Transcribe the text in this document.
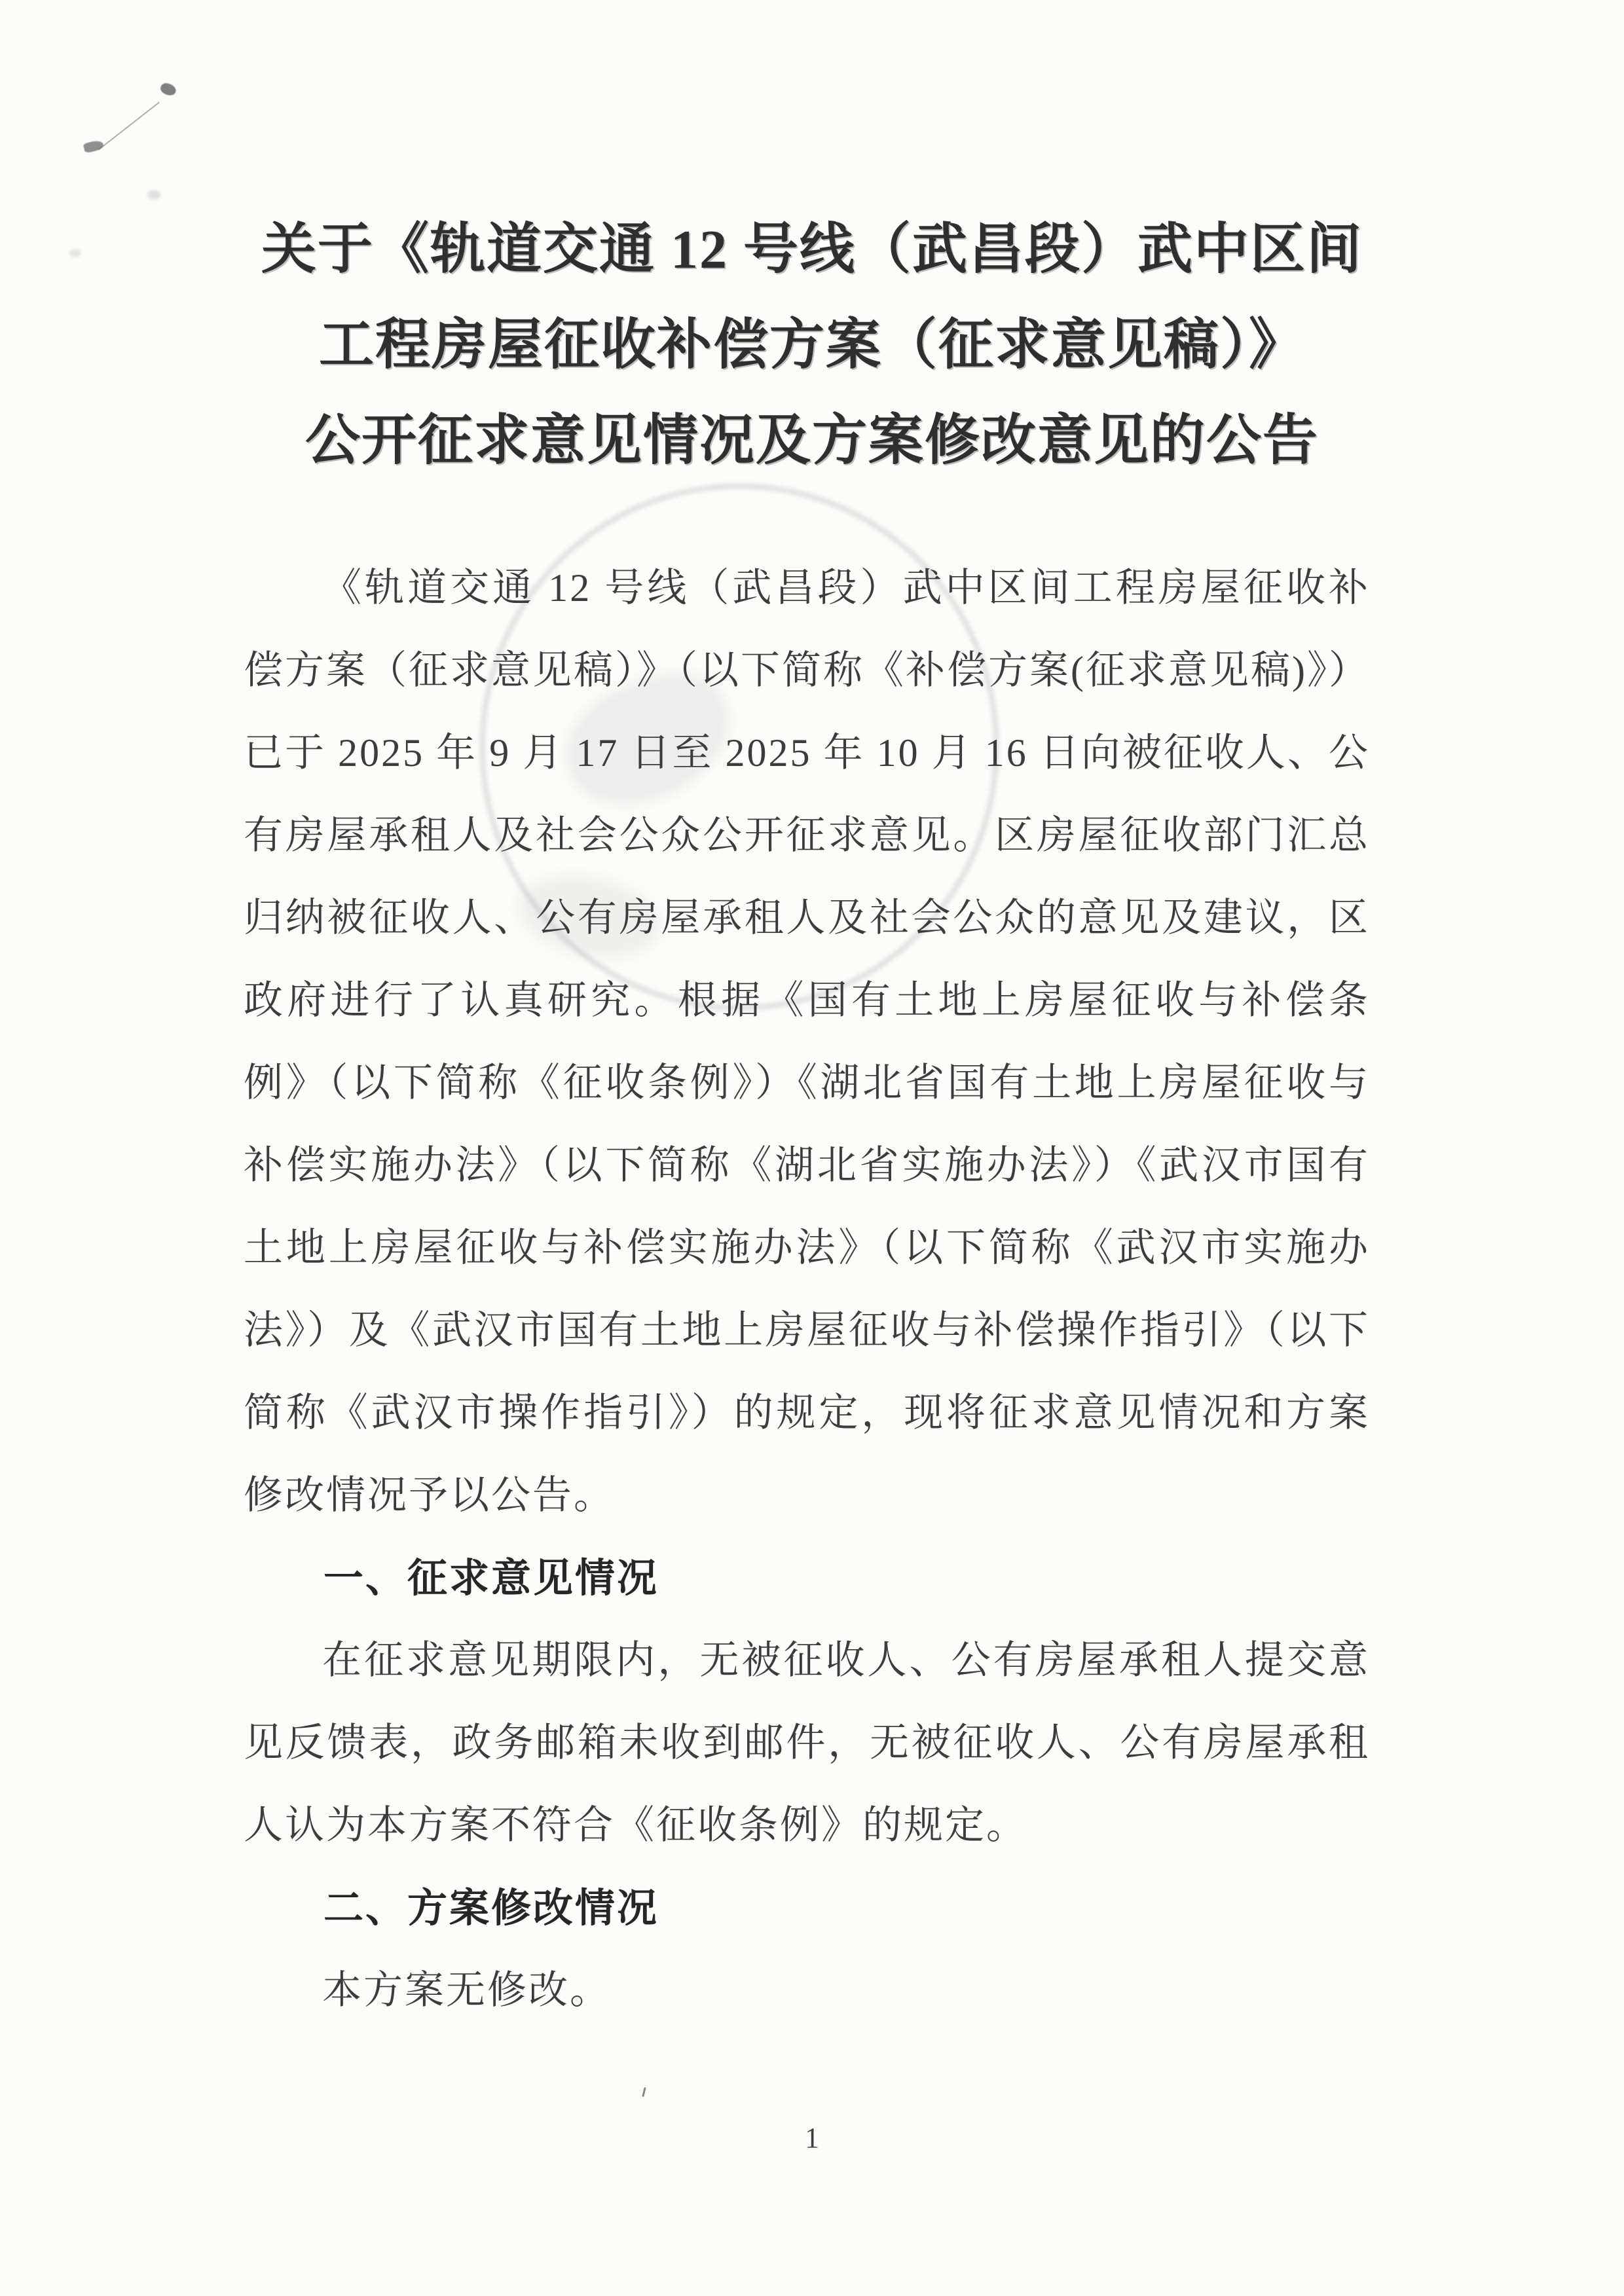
关于《轨道交通 12 号线（武昌段）武中区间
工程房屋征收补偿方案（征求意见稿）》
公开征求意见情况及方案修改意见的公告

《轨道交通 12 号线（武昌段）武中区间工程房屋征收补偿方案（征求意见稿）》（以下简称《补偿方案(征求意见稿)》）已于 2025 年 9 月 17 日至 2025 年 10 月 16 日向被征收人、公有房屋承租人及社会公众公开征求意见。区房屋征收部门汇总归纳被征收人、公有房屋承租人及社会公众的意见及建议，区政府进行了认真研究。根据《国有土地上房屋征收与补偿条例》（以下简称《征收条例》）《湖北省国有土地上房屋征收与补偿实施办法》（以下简称《湖北省实施办法》）《武汉市国有土地上房屋征收与补偿实施办法》（以下简称《武汉市实施办法》）及《武汉市国有土地上房屋征收与补偿操作指引》（以下简称《武汉市操作指引》）的规定，现将征求意见情况和方案修改情况予以公告。

一、征求意见情况

在征求意见期限内，无被征收人、公有房屋承租人提交意见反馈表，政务邮箱未收到邮件，无被征收人、公有房屋承租人认为本方案不符合《征收条例》的规定。

二、方案修改情况

本方案无修改。

1
